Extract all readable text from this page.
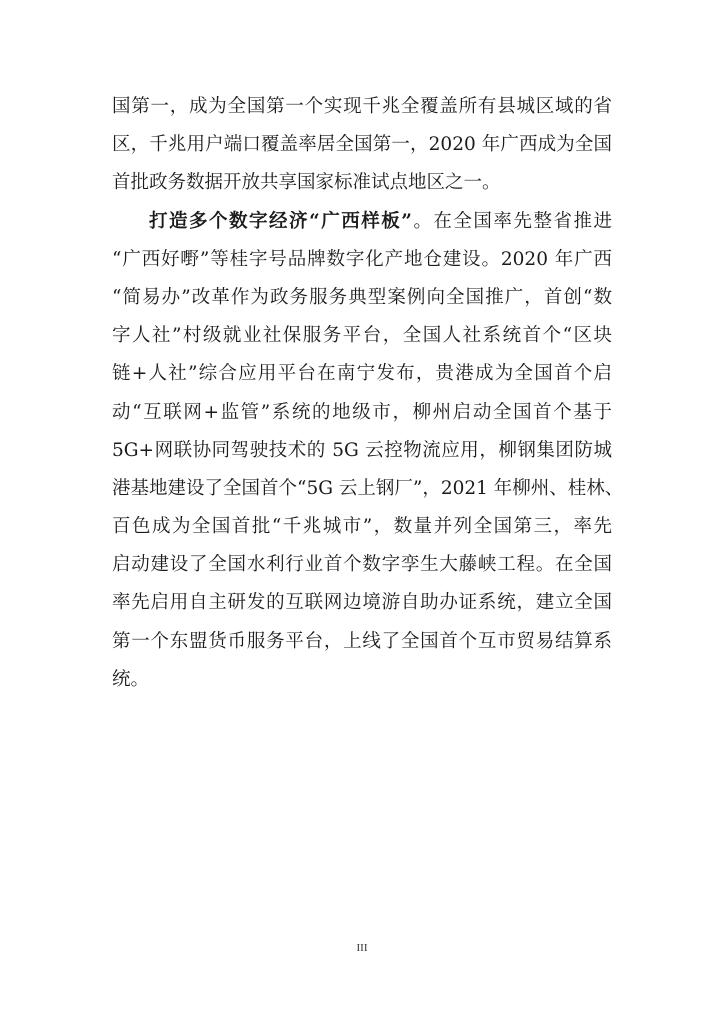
国第一，成为全国第一个实现千兆全覆盖所有县城区域的省
区，千兆用户端口覆盖率居全国第一，2020 年广西成为全国
首批政务数据开放共享国家标准试点地区之一。
打造多个数字经济“广西样板”。在全国率先整省推进
“广西好嘢”等桂字号品牌数字化产地仓建设。2020 年广西
“简易办”改革作为政务服务典型案例向全国推广，首创“数
字人社”村级就业社保服务平台，全国人社系统首个“区块
链+人社”综合应用平台在南宁发布，贵港成为全国首个启
动“互联网+监管”系统的地级市，柳州启动全国首个基于
5G+网联协同驾驶技术的 5G 云控物流应用，柳钢集团防城
港基地建设了全国首个“5G 云上钢厂”，2021 年柳州、桂林、
百色成为全国首批“千兆城市”，数量并列全国第三，率先
启动建设了全国水利行业首个数字孪生大藤峡工程。在全国
率先启用自主研发的互联网边境游自助办证系统，建立全国
第一个东盟货币服务平台，上线了全国首个互市贸易结算系
统。
III
